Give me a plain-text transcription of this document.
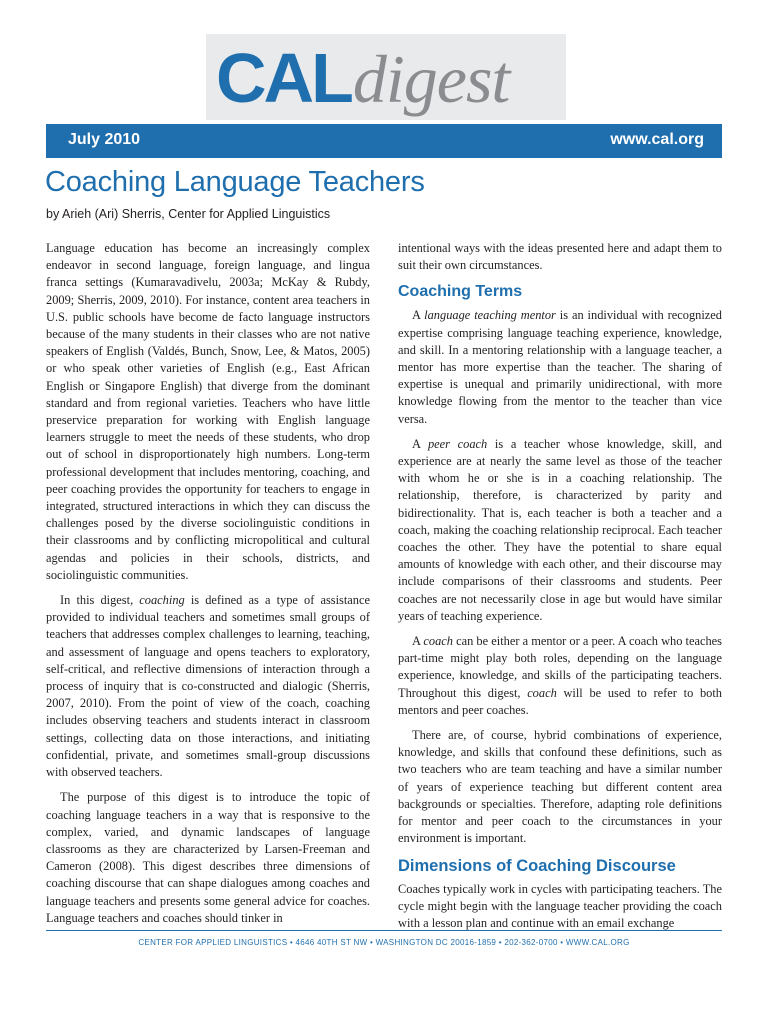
CALdigest
July 2010	www.cal.org
Coaching Language Teachers
by Arieh (Ari) Sherris, Center for Applied Linguistics

Language education has become an increasingly complex endeavor in second language, foreign language, and lingua franca settings (Kumaravadivelu, 2003a; McKay & Rubdy, 2009; Sherris, 2009, 2010). For instance, content area teachers in U.S. public schools have become de facto language instructors because of the many students in their classes who are not native speakers of English (Valdés, Bunch, Snow, Lee, & Matos, 2005) or who speak other varieties of English (e.g., East African English or Singapore English) that diverge from the dominant standard and from regional varieties. Teachers who have little preservice preparation for working with English language learners struggle to meet the needs of these students, who drop out of school in disproportionately high numbers. Long-term professional development that includes mentoring, coaching, and peer coaching provides the opportunity for teachers to engage in integrated, structured interactions in which they can discuss the challenges posed by the diverse sociolinguistic conditions in their classrooms and by conflicting micropolitical and cultural agendas and policies in their schools, districts, and sociolinguistic communities.

In this digest, coaching is defined as a type of assistance provided to individual teachers and sometimes small groups of teachers that addresses complex challenges to learning, teaching, and assessment of language and opens teachers to exploratory, self-critical, and reflective dimensions of interaction through a process of inquiry that is co-constructed and dialogic (Sherris, 2007, 2010). From the point of view of the coach, coaching includes observing teachers and students interact in classroom settings, collecting data on those interactions, and initiating confidential, private, and sometimes small-group discussions with observed teachers.

The purpose of this digest is to introduce the topic of coaching language teachers in a way that is responsive to the complex, varied, and dynamic landscapes of language classrooms as they are characterized by Larsen-Freeman and Cameron (2008). This digest describes three dimensions of coaching discourse that can shape dialogues among coaches and language teachers and presents some general advice for coaches. Language teachers and coaches should tinker in

intentional ways with the ideas presented here and adapt them to suit their own circumstances.

Coaching Terms

A language teaching mentor is an individual with recognized expertise comprising language teaching experience, knowledge, and skill. In a mentoring relationship with a language teacher, a mentor has more expertise than the teacher. The sharing of expertise is unequal and primarily unidirectional, with more knowledge flowing from the mentor to the teacher than vice versa.

A peer coach is a teacher whose knowledge, skill, and experience are at nearly the same level as those of the teacher with whom he or she is in a coaching relationship. The relationship, therefore, is characterized by parity and bidirectionality. That is, each teacher is both a teacher and a coach, making the coaching relationship reciprocal. Each teacher coaches the other. They have the potential to share equal amounts of knowledge with each other, and their discourse may include comparisons of their classrooms and students. Peer coaches are not necessarily close in age but would have similar years of teaching experience.

A coach can be either a mentor or a peer. A coach who teaches part-time might play both roles, depending on the language experience, knowledge, and skills of the participating teachers. Throughout this digest, coach will be used to refer to both mentors and peer coaches.

There are, of course, hybrid combinations of experience, knowledge, and skills that confound these definitions, such as two teachers who are team teaching and have a similar number of years of experience teaching but different content area backgrounds or specialties. Therefore, adapting role definitions for mentor and peer coach to the circumstances in your environment is important.

Dimensions of Coaching Discourse

Coaches typically work in cycles with participating teachers. The cycle might begin with the language teacher providing the coach with a lesson plan and continue with an email exchange

CENTER FOR APPLIED LINGUISTICS • 4646 40TH ST NW • WASHINGTON DC 20016-1859 • 202-362-0700 • WWW.CAL.ORG
